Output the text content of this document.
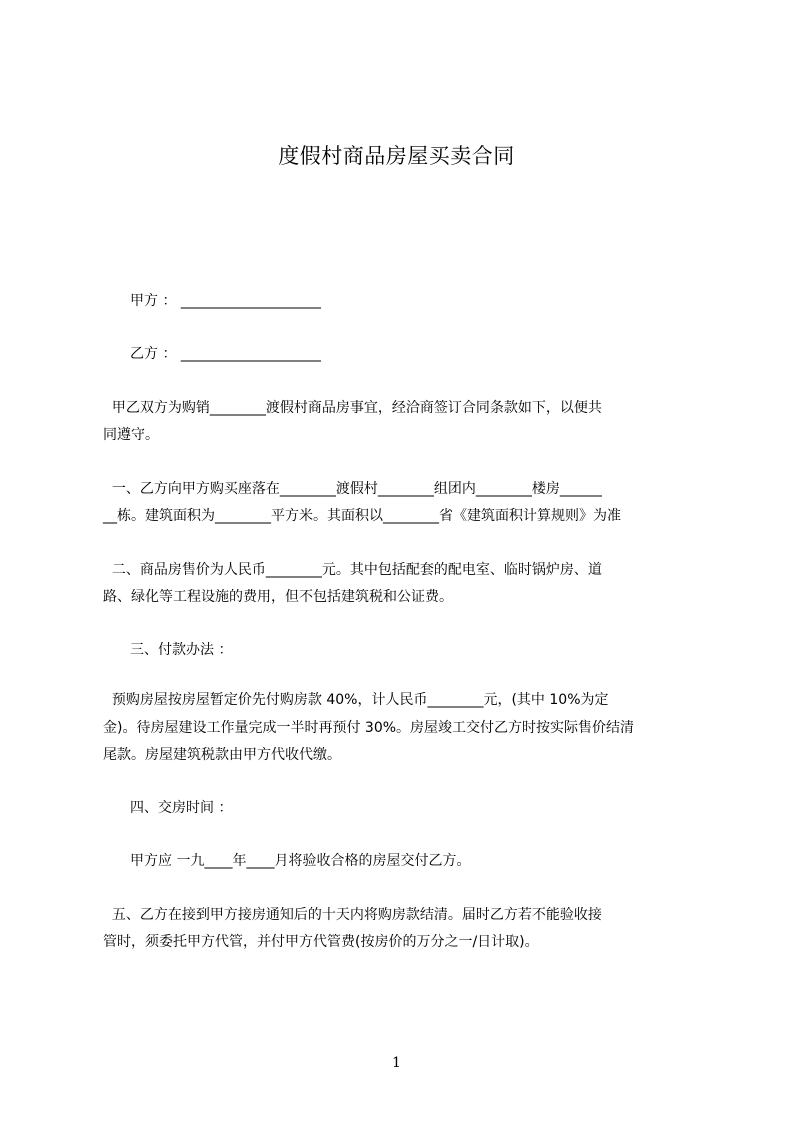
度假村商品房屋买卖合同
甲方 ： ____________________
乙方 ： ____________________
甲乙双方为购销________渡假村商品房事宜，经洽商签订合同条款如下，以便共
同遵守。
一、乙方向甲方购买座落在________渡假村________组团内________楼房______
__栋。建筑面积为________平方米。其面积以________省《建筑面积计算规则》为准
二、商品房售价为人民币________元。其中包括配套的配电室、临时锅炉房、道
路、绿化等工程设施的费用，但不包括建筑税和公证费。
三、付款办法 ：
预购房屋按房屋暂定价先付购房款 40%，计人民币________元，(其中 10%为定
金)。待房屋建设工作量完成一半时再预付 30%。房屋竣工交付乙方时按实际售价结清
尾款。房屋建筑税款由甲方代收代缴。
四、交房时间 ：
甲方应 一九____年____月将验收合格的房屋交付乙方。
五、乙方在接到甲方接房通知后的十天内将购房款结清。届时乙方若不能验收接
管时，须委托甲方代管，并付甲方代管费(按房价的万分之一/日计取)。
1
